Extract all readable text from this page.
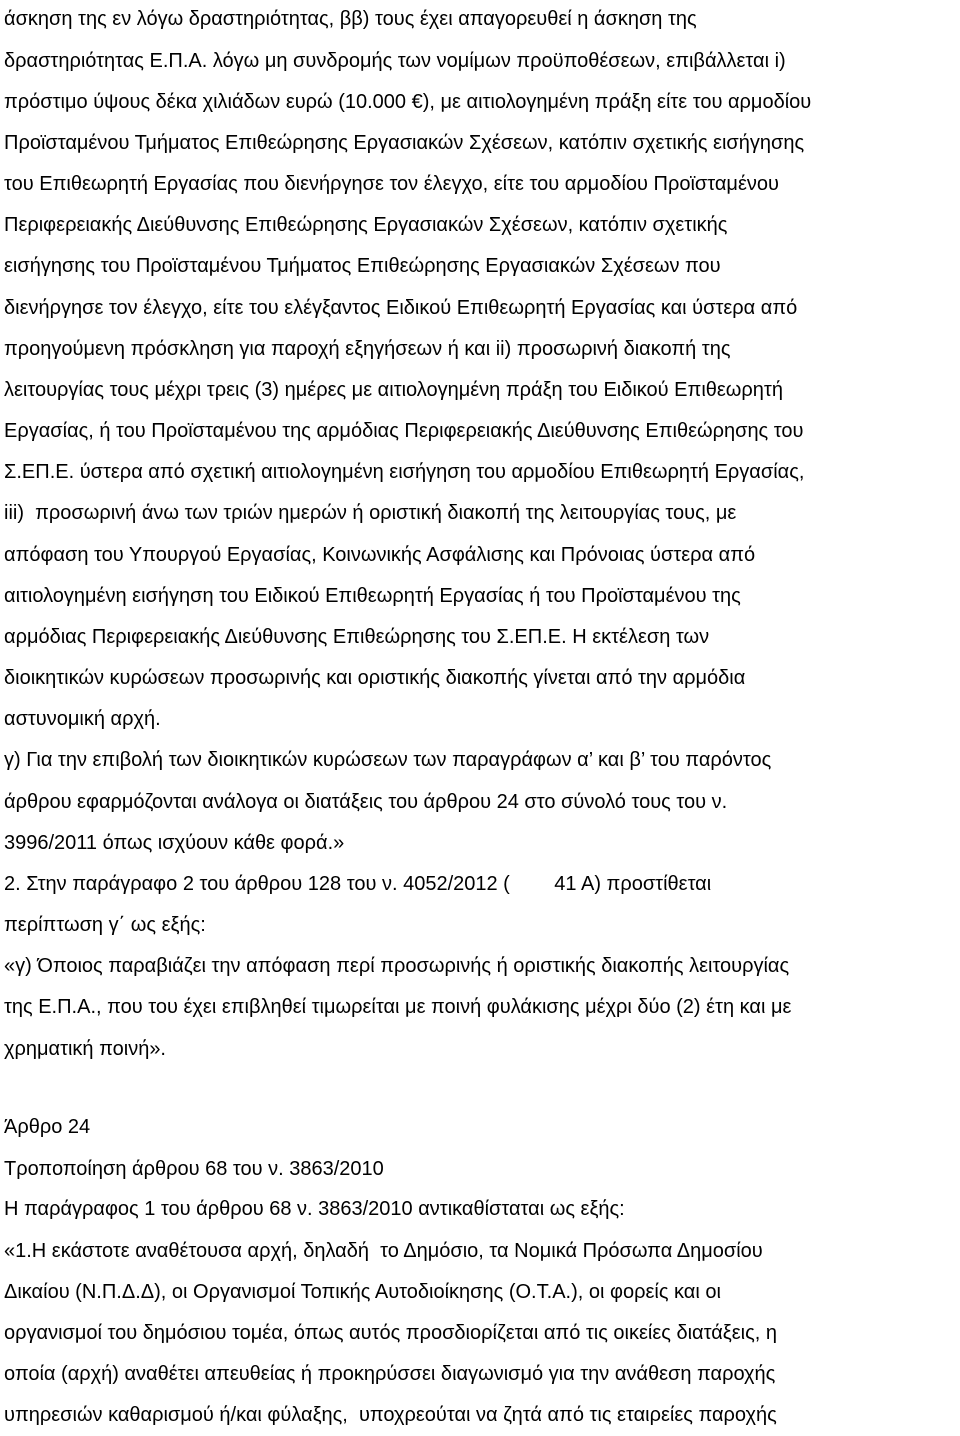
άσκηση της εν λόγω δραστηριότητας, ββ) τους έχει απαγορευθεί η άσκηση της
δραστηριότητας Ε.Π.Α. λόγω μη συνδρομής των νομίμων προϋποθέσεων, επιβάλλεται i)
πρόστιμο ύψους δέκα χιλιάδων ευρώ (10.000 €), με αιτιολογημένη πράξη είτε του αρμοδίου
Προϊσταμένου Τμήματος Επιθεώρησης Εργασιακών Σχέσεων, κατόπιν σχετικής εισήγησης
του Επιθεωρητή Εργασίας που διενήργησε τον έλεγχο, είτε του αρμοδίου Προϊσταμένου
Περιφερειακής Διεύθυνσης Επιθεώρησης Εργασιακών Σχέσεων, κατόπιν σχετικής
εισήγησης του Προϊσταμένου Τμήματος Επιθεώρησης Εργασιακών Σχέσεων που
διενήργησε τον έλεγχο, είτε του ελέγξαντος Ειδικού Επιθεωρητή Εργασίας και ύστερα από
προηγούμενη πρόσκληση για παροχή εξηγήσεων ή και ii) προσωρινή διακοπή της
λειτουργίας τους μέχρι τρεις (3) ημέρες με αιτιολογημένη πράξη του Ειδικού Επιθεωρητή
Εργασίας, ή του Προϊσταμένου της αρμόδιας Περιφερειακής Διεύθυνσης Επιθεώρησης του
Σ.ΕΠ.Ε. ύστερα από σχετική αιτιολογημένη εισήγηση του αρμοδίου Επιθεωρητή Εργασίας,
iii)  προσωρινή άνω των τριών ημερών ή οριστική διακοπή της λειτουργίας τους, με
απόφαση του Υπουργού Εργασίας, Κοινωνικής Ασφάλισης και Πρόνοιας ύστερα από
αιτιολογημένη εισήγηση του Ειδικού Επιθεωρητή Εργασίας ή του Προϊσταμένου της
αρμόδιας Περιφερειακής Διεύθυνσης Επιθεώρησης του Σ.ΕΠ.Ε. Η εκτέλεση των
διοικητικών κυρώσεων προσωρινής και οριστικής διακοπής γίνεται από την αρμόδια
αστυνομική αρχή.
γ) Για την επιβολή των διοικητικών κυρώσεων των παραγράφων α’ και β’ του παρόντος
άρθρου εφαρμόζονται ανάλογα οι διατάξεις του άρθρου 24 στο σύνολό τους του ν.
3996/2011 όπως ισχύουν κάθε φορά.»
2. Στην παράγραφο 2 του άρθρου 128 του ν. 4052/2012 (        41 Α) προστίθεται
περίπτωση γ΄ ως εξής:
«γ) Όποιος παραβιάζει την απόφαση περί προσωρινής ή οριστικής διακοπής λειτουργίας
της Ε.Π.Α., που του έχει επιβληθεί τιμωρείται με ποινή φυλάκισης μέχρι δύο (2) έτη και με
χρηματική ποινή».
Άρθρο 24
Τροποποίηση άρθρου 68 του ν. 3863/2010
Η παράγραφος 1 του άρθρου 68 ν. 3863/2010 αντικαθίσταται ως εξής:
«1.Η εκάστοτε αναθέτουσα αρχή, δηλαδή  το Δημόσιο, τα Νομικά Πρόσωπα Δημοσίου
Δικαίου (Ν.Π.Δ.Δ), οι Οργανισμοί Τοπικής Αυτοδιοίκησης (Ο.Τ.Α.), οι φορείς και οι
οργανισμοί του δημόσιου τομέα, όπως αυτός προσδιορίζεται από τις οικείες διατάξεις, η
οποία (αρχή) αναθέτει απευθείας ή προκηρύσσει διαγωνισμό για την ανάθεση παροχής
υπηρεσιών καθαρισμού ή/και φύλαξης,  υποχρεούται να ζητά από τις εταιρείες παροχής
